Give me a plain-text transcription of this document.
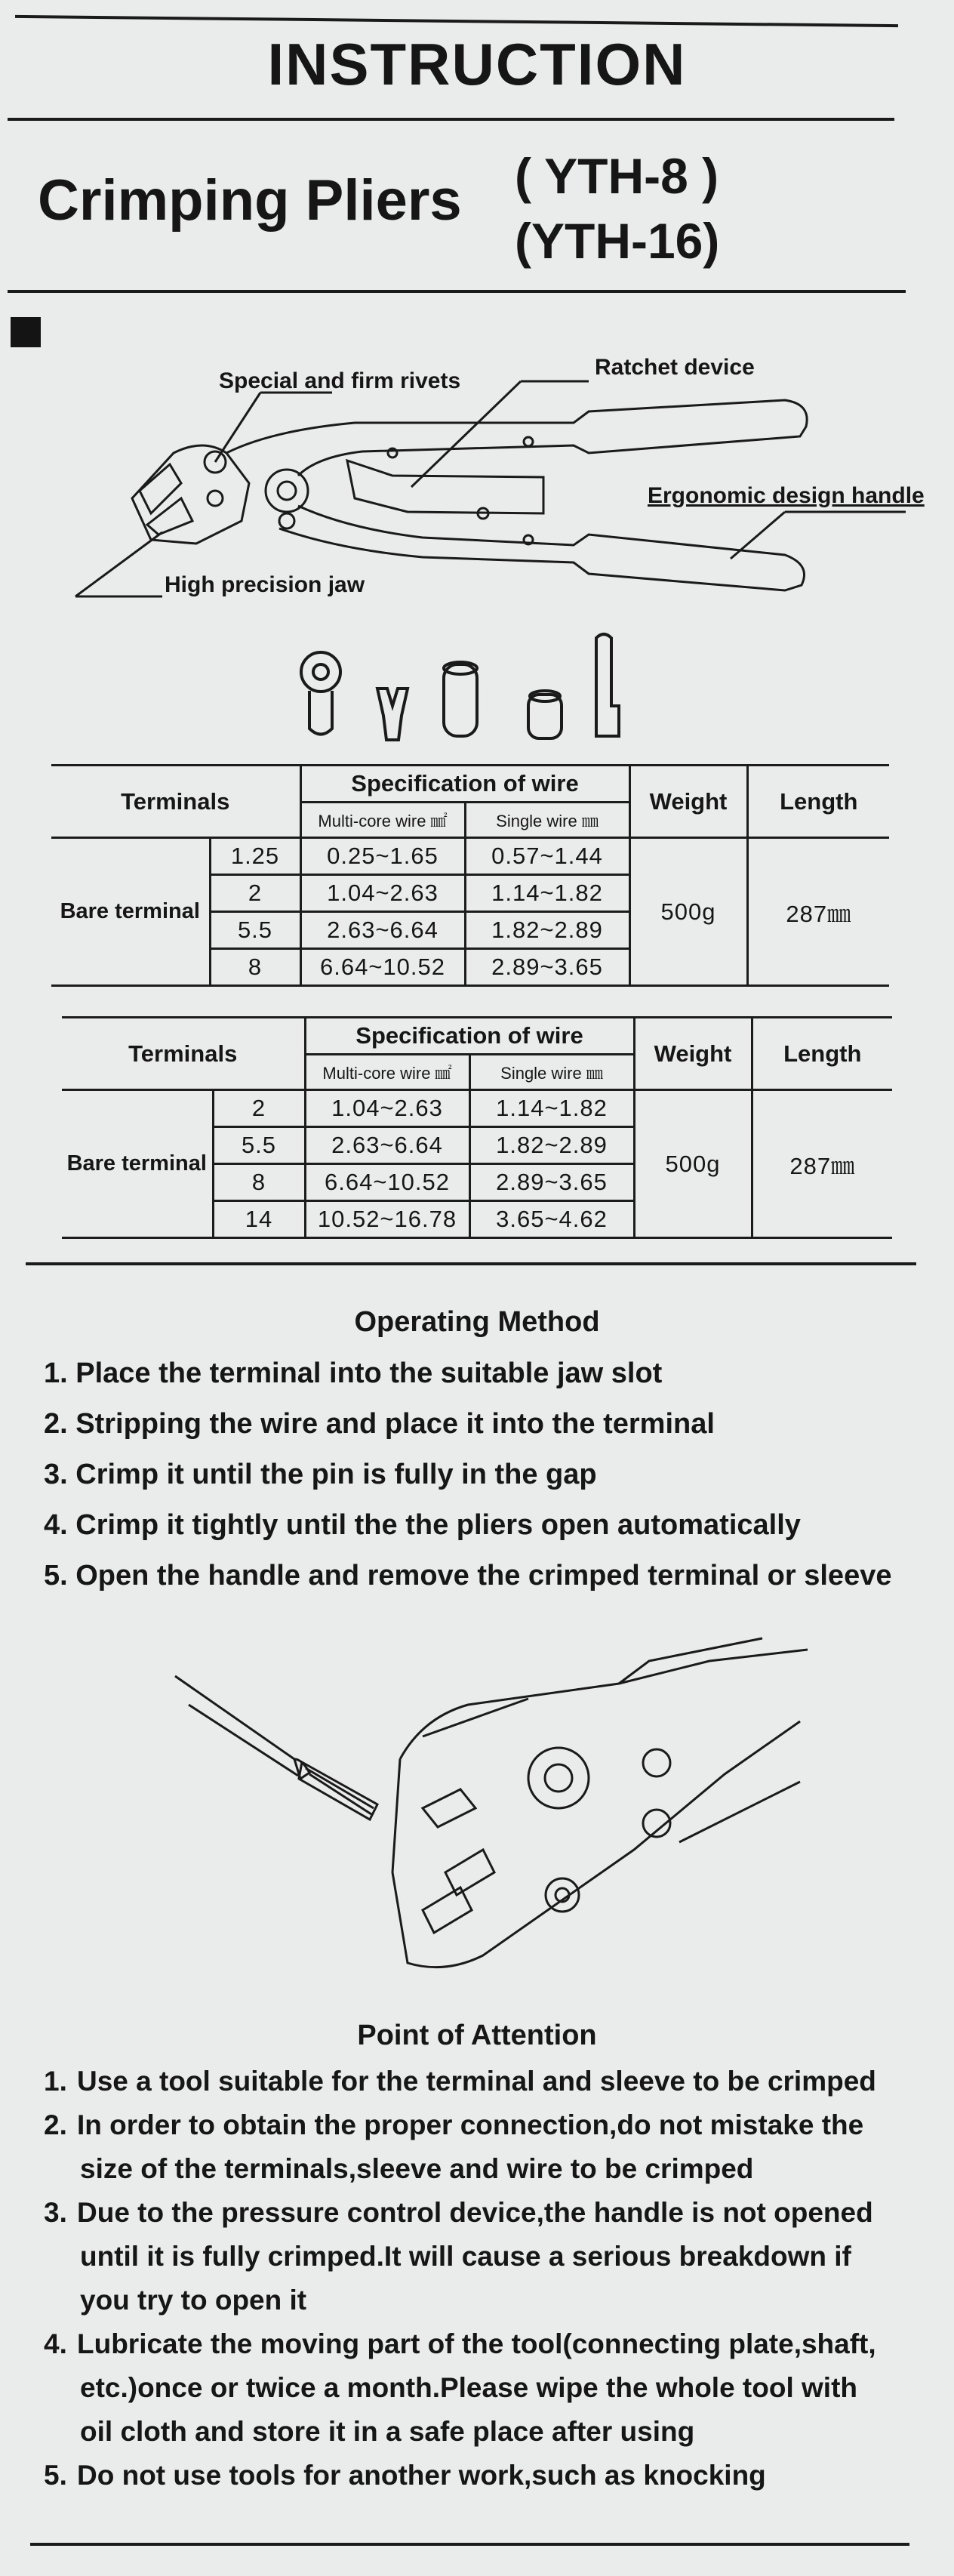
INSTRUCTION
Crimping Pliers ( YTH-8 )
(YTH-16)
Special and firm rivets
Ratchet device
Ergonomic design handle
High precision jaw
Terminals		Specification of wire		Weight	Length
		Multi-core wire ㎟	Single wire ㎜		
Bare terminal	1.25	0.25~1.65	0.57~1.44	500g	287㎜
	2	1.04~2.63	1.14~1.82		
	5.5	2.63~6.64	1.82~2.89		
	8	6.64~10.52	2.89~3.65		
Terminals		Specification of wire		Weight	Length
		Multi-core wire ㎟	Single wire ㎜		
Bare terminal	2	1.04~2.63	1.14~1.82	500g	287㎜
	5.5	2.63~6.64	1.82~2.89		
	8	6.64~10.52	2.89~3.65		
	14	10.52~16.78	3.65~4.62		
Operating Method
1. Place the terminal into the suitable jaw slot
2. Stripping the wire and place it into the terminal
3. Crimp it until the pin is fully in the gap
4. Crimp it tightly until the the pliers open automatically
5. Open the handle and remove the crimped terminal or sleeve
Point of Attention
1. Use a tool suitable for the terminal and sleeve to be crimped
2. In order to obtain the proper connection,do not mistake the
size of the terminals,sleeve and wire to be crimped
3. Due to the pressure control device,the handle is not opened
until it is fully crimped.It will cause a serious breakdown if
you try to open it
4. Lubricate the moving part of the tool(connecting plate,shaft,
etc.)once or twice a month.Please wipe the whole tool with
oil cloth and store it in a safe place after using
5. Do not use tools for another work,such as knocking
